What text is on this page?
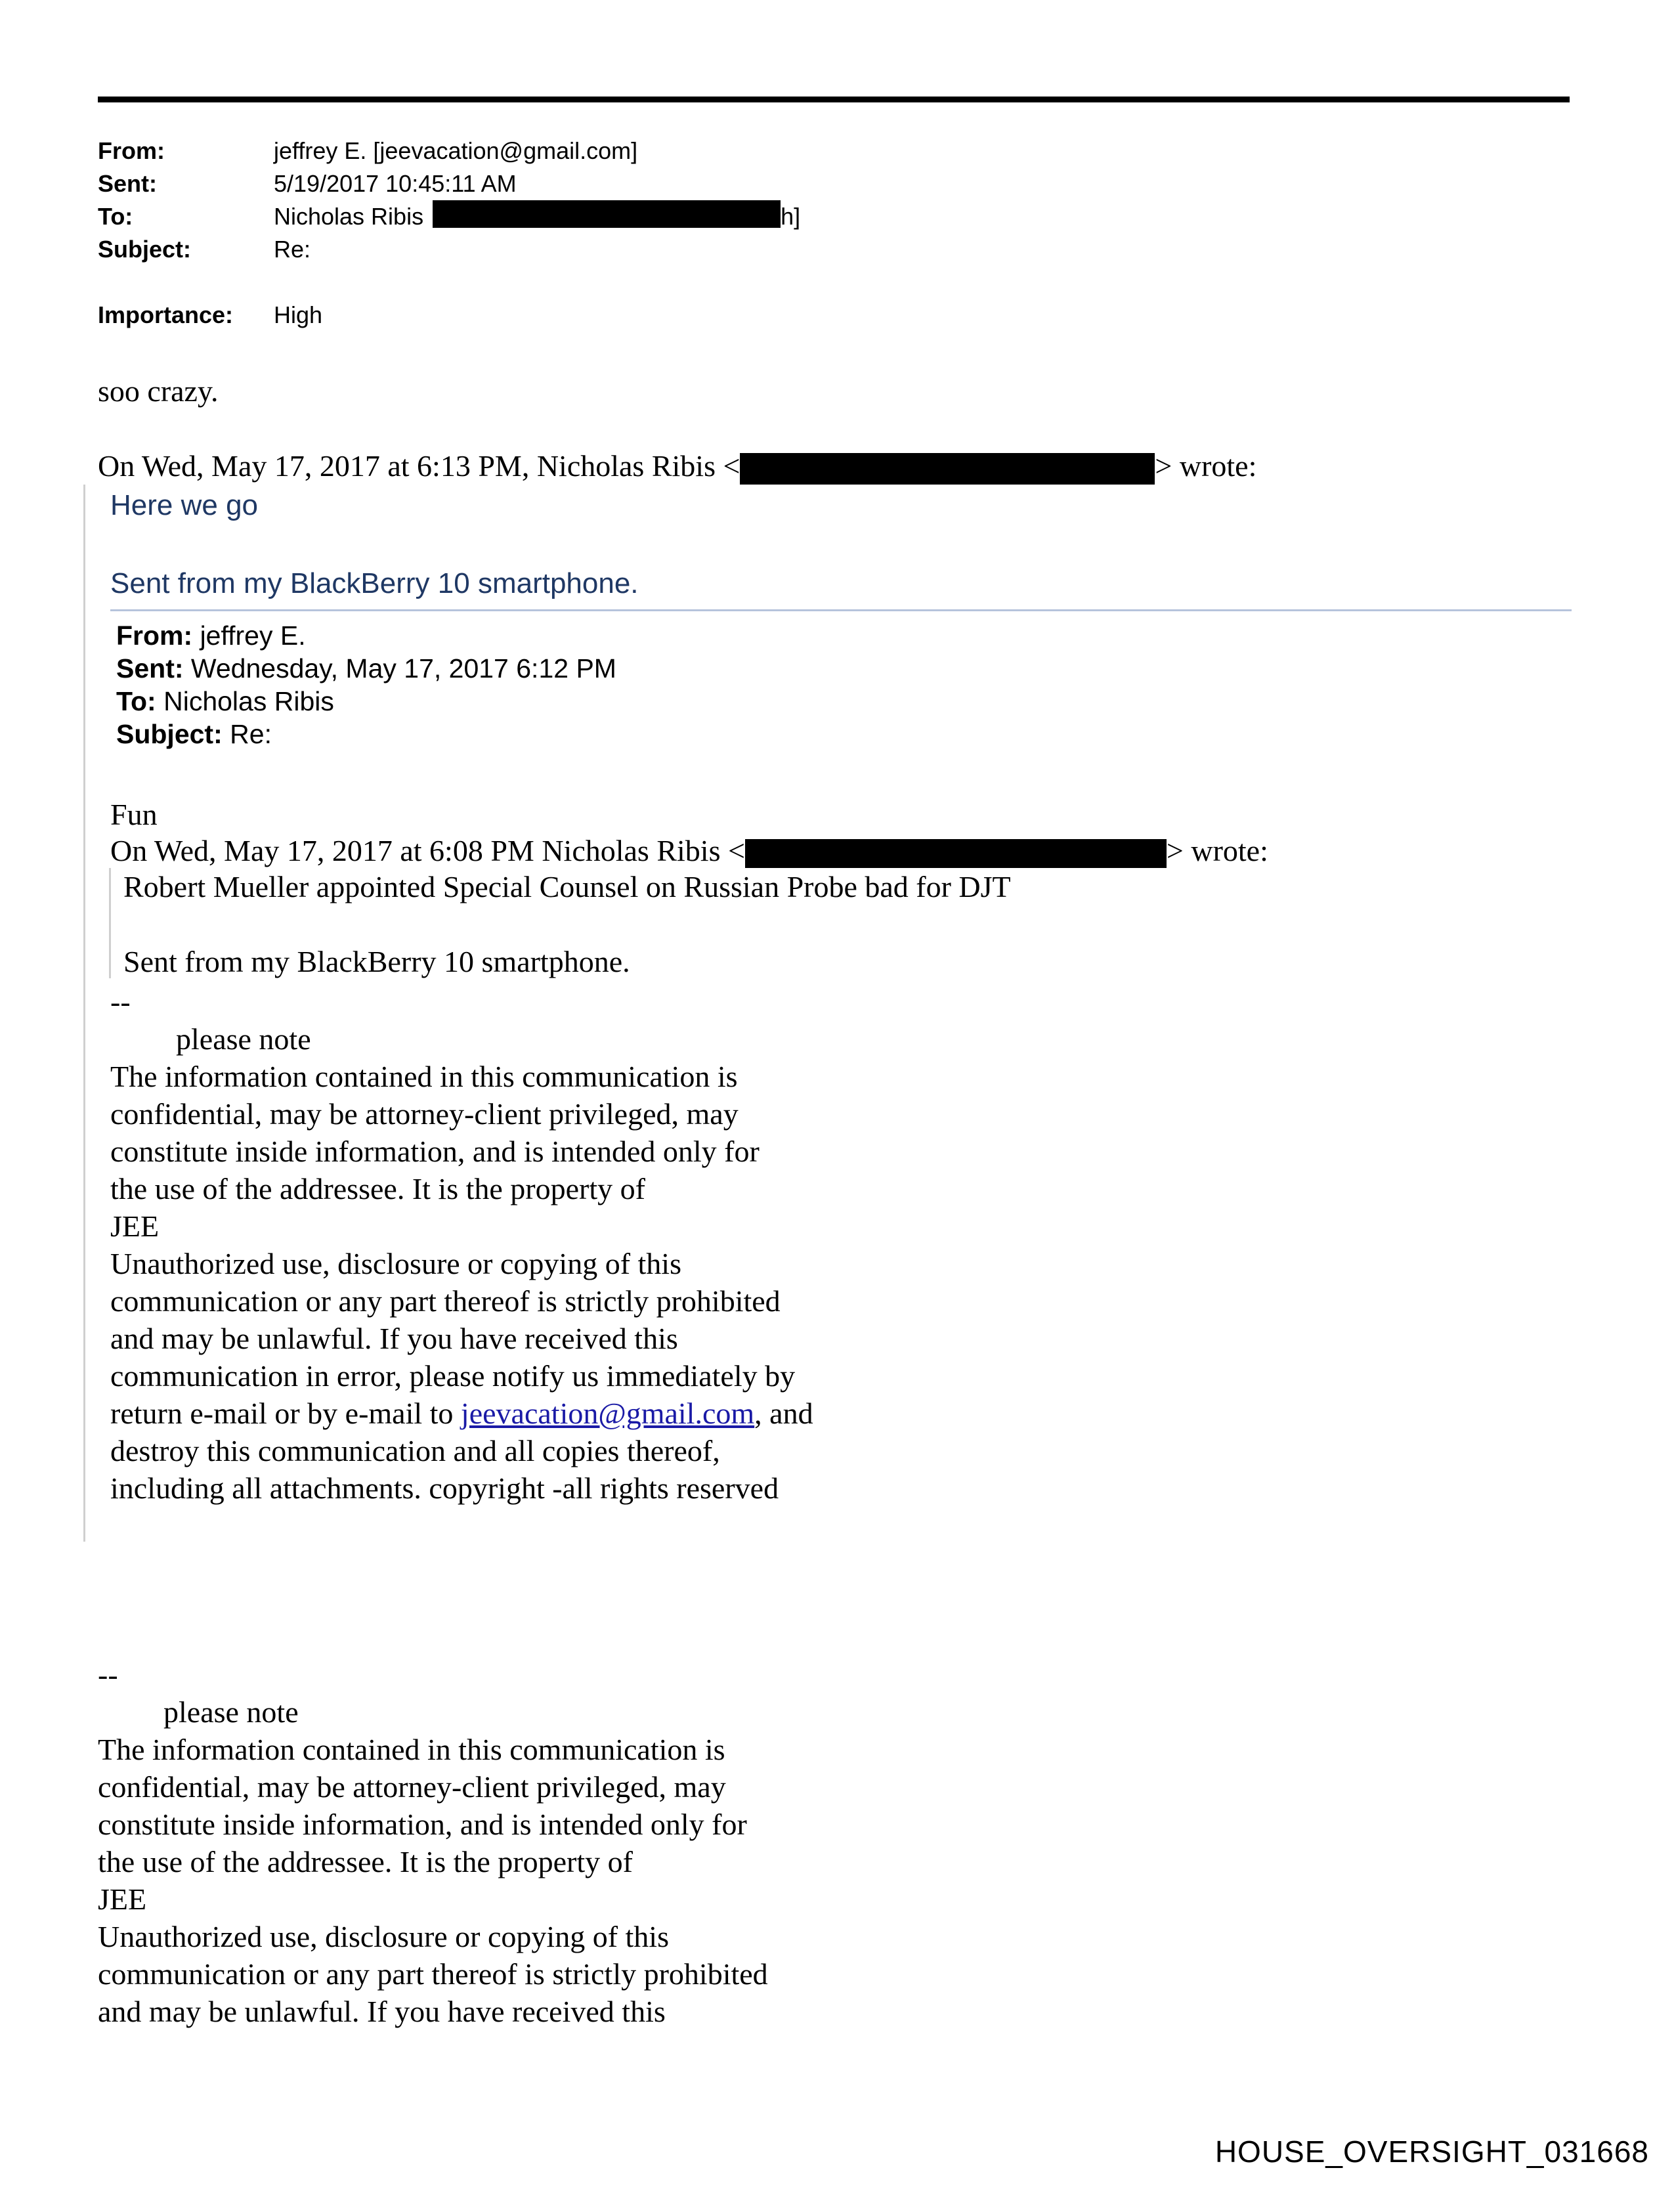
From:	jeffrey E. [jeevacation@gmail.com]
Sent:	5/19/2017 10:45:11 AM
To:	Nicholas Ribis	h]
Subject:	Re:
Importance:	High
soo crazy.
On Wed, May 17, 2017 at 6:13 PM, Nicholas Ribis <	> wrote:
Here we go
Sent from my BlackBerry 10 smartphone.
From: jeffrey E.
Sent: Wednesday, May 17, 2017 6:12 PM
To: Nicholas Ribis
Subject: Re:
Fun
On Wed, May 17, 2017 at 6:08 PM Nicholas Ribis <	> wrote:
Robert Mueller appointed Special Counsel on Russian Probe bad for DJT
Sent from my BlackBerry 10 smartphone.
--
please note
The information contained in this communication is
confidential, may be attorney-client privileged, may
constitute inside information, and is intended only for
the use of the addressee. It is the property of
JEE
Unauthorized use, disclosure or copying of this
communication or any part thereof is strictly prohibited
and may be unlawful. If you have received this
communication in error, please notify us immediately by
return e-mail or by e-mail to jeevacation@gmail.com, and
destroy this communication and all copies thereof,
including all attachments. copyright -all rights reserved
--
please note
The information contained in this communication is
confidential, may be attorney-client privileged, may
constitute inside information, and is intended only for
the use of the addressee. It is the property of
JEE
Unauthorized use, disclosure or copying of this
communication or any part thereof is strictly prohibited
and may be unlawful. If you have received this
HOUSE_OVERSIGHT_031668
